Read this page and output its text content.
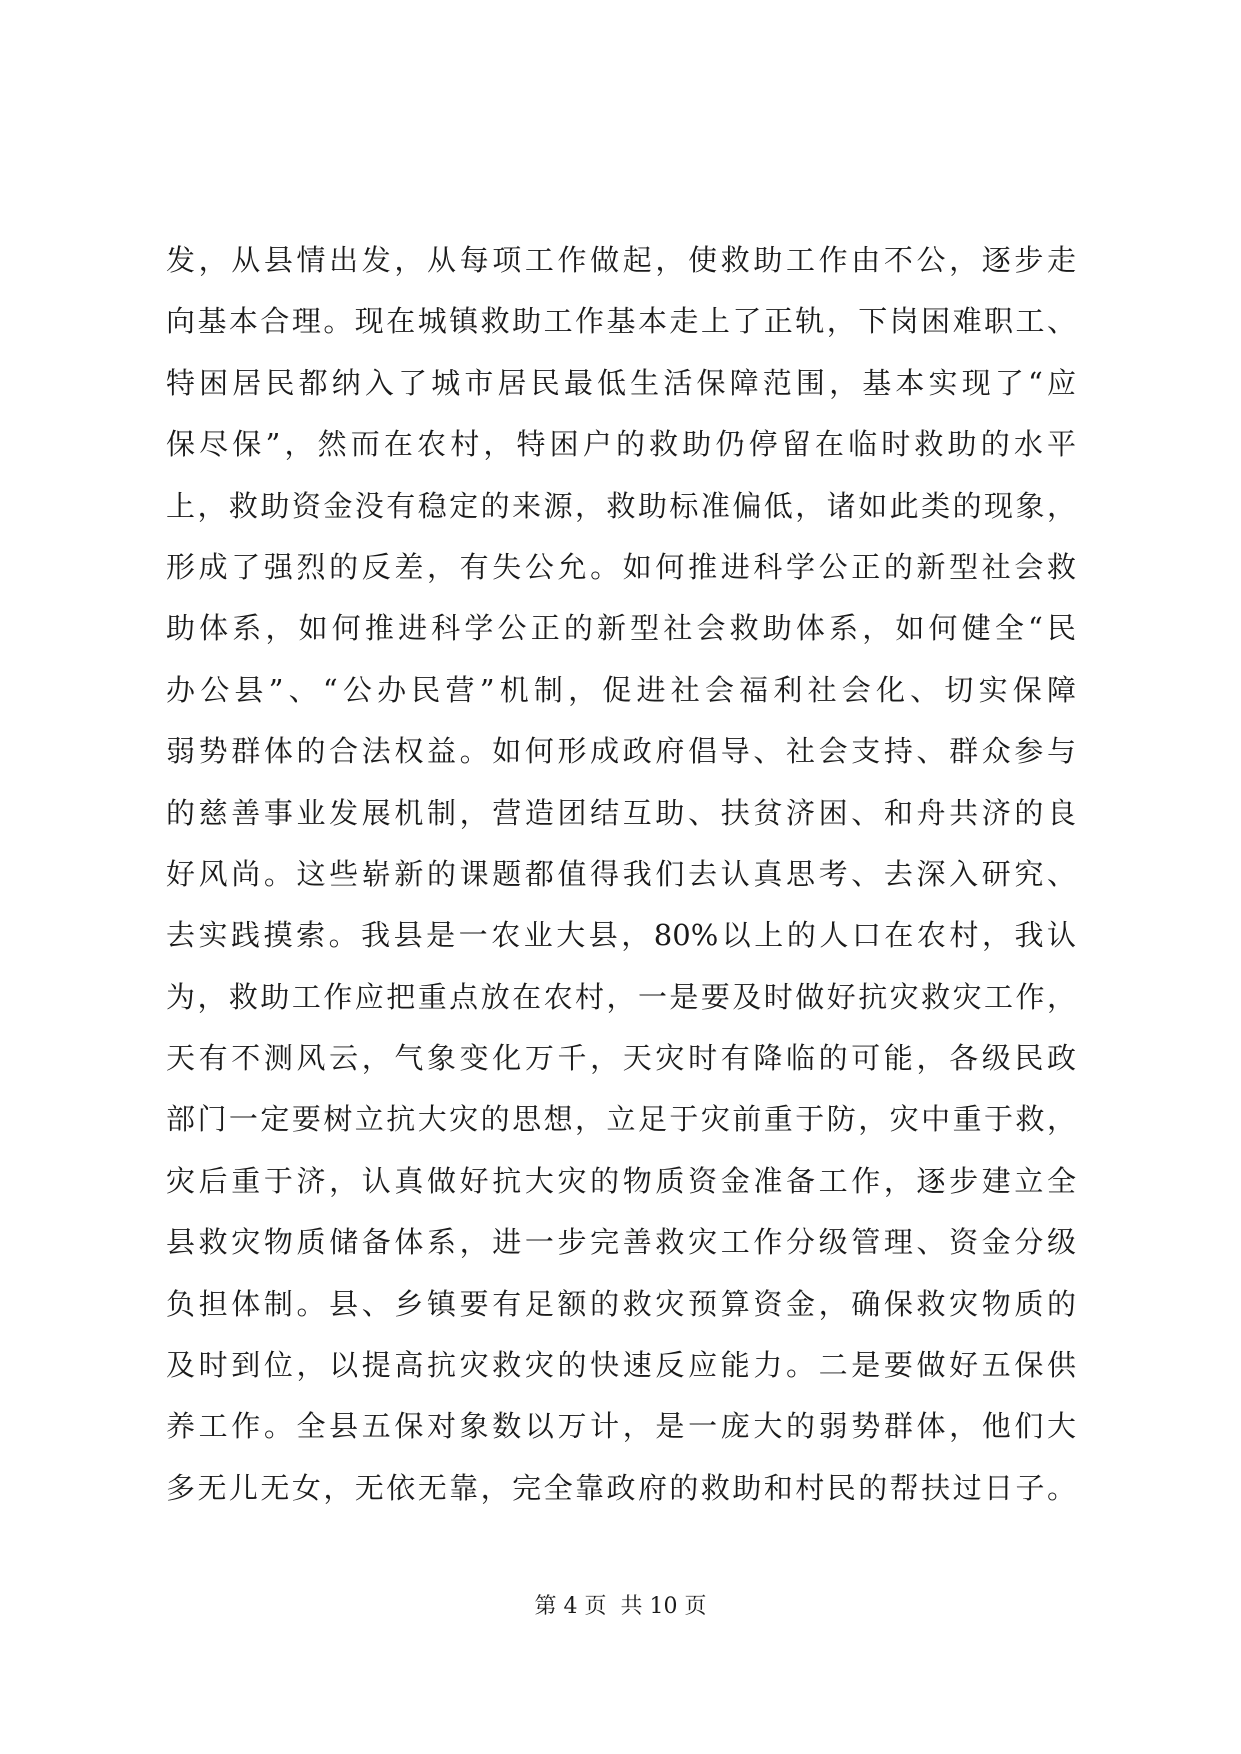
发，从县情出发，从每项工作做起，使救助工作由不公，逐步走
向基本合理。现在城镇救助工作基本走上了正轨，下岗困难职工、
特困居民都纳入了城市居民最低生活保障范围，基本实现了“应
保尽保”，然而在农村，特困户的救助仍停留在临时救助的水平
上，救助资金没有稳定的来源，救助标准偏低，诸如此类的现象，
形成了强烈的反差，有失公允。如何推进科学公正的新型社会救
助体系，如何推进科学公正的新型社会救助体系，如何健全“民
办公县”、“公办民营”机制，促进社会福利社会化、切实保障
弱势群体的合法权益。如何形成政府倡导、社会支持、群众参与
的慈善事业发展机制，营造团结互助、扶贫济困、和舟共济的良
好风尚。这些崭新的课题都值得我们去认真思考、去深入研究、
去实践摸索。我县是一农业大县，80%以上的人口在农村，我认
为，救助工作应把重点放在农村，一是要及时做好抗灾救灾工作，
天有不测风云，气象变化万千，天灾时有降临的可能，各级民政
部门一定要树立抗大灾的思想，立足于灾前重于防，灾中重于救，
灾后重于济，认真做好抗大灾的物质资金准备工作，逐步建立全
县救灾物质储备体系，进一步完善救灾工作分级管理、资金分级
负担体制。县、乡镇要有足额的救灾预算资金，确保救灾物质的
及时到位，以提高抗灾救灾的快速反应能力。二是要做好五保供
养工作。全县五保对象数以万计，是一庞大的弱势群体，他们大
多无儿无女，无依无靠，完全靠政府的救助和村民的帮扶过日子。
第 4 页  共 10 页
